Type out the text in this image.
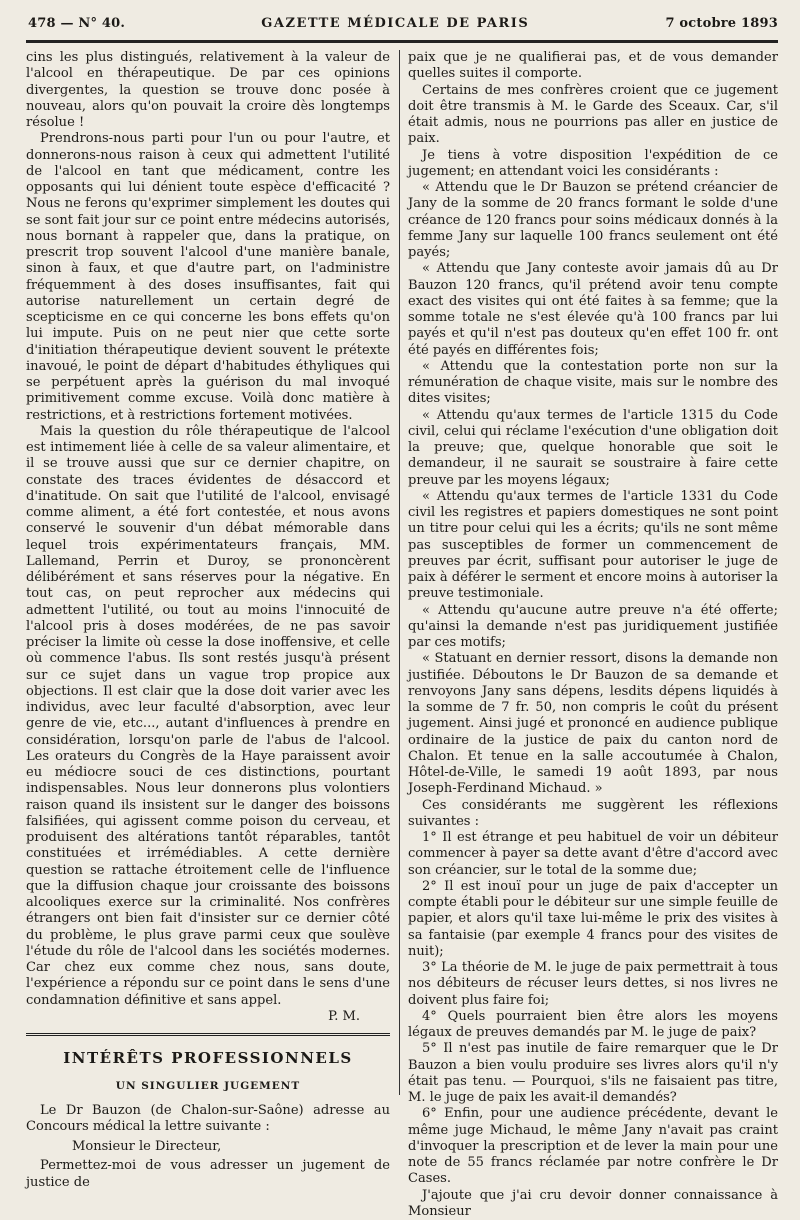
478 — N° 40.	GAZETTE MÉDICALE DE PARIS	7 octobre 1893

cins les plus distingués, relativement à la valeur de l'alcool en thérapeutique. De par ces opinions divergentes, la question se trouve donc posée à nouveau, alors qu'on pouvait la croire dès longtemps résolue !

Prendrons-nous parti pour l'un ou pour l'autre, et donnerons-nous raison à ceux qui admettent l'utilité de l'alcool en tant que médicament, contre les opposants qui lui dénient toute espèce d'efficacité ? Nous ne ferons qu'exprimer simplement les doutes qui se sont fait jour sur ce point entre médecins autorisés, nous bornant à rappeler que, dans la pratique, on prescrit trop souvent l'alcool d'une manière banale, sinon à faux, et que d'autre part, on l'administre fréquemment à des doses insuffisantes, fait qui autorise naturellement un certain degré de scepticisme en ce qui concerne les bons effets qu'on lui impute. Puis on ne peut nier que cette sorte d'initiation thérapeutique devient souvent le prétexte inavoué, le point de départ d'habitudes éthyliques qui se perpétuent après la guérison du mal invoqué primitivement comme excuse. Voilà donc matière à restrictions, et à restrictions fortement motivées.

Mais la question du rôle thérapeutique de l'alcool est intimement liée à celle de sa valeur alimentaire, et il se trouve aussi que sur ce dernier chapitre, on constate des traces évidentes de désaccord et d'inatitude. On sait que l'utilité de l'alcool, envisagé comme aliment, a été fort contestée, et nous avons conservé le souvenir d'un débat mémorable dans lequel trois expérimentateurs français, MM. Lallemand, Perrin et Duroy, se prononcèrent délibérément et sans réserves pour la négative. En tout cas, on peut reprocher aux médecins qui admettent l'utilité, ou tout au moins l'innocuité de l'alcool pris à doses modérées, de ne pas savoir préciser la limite où cesse la dose inoffensive, et celle où commence l'abus. Ils sont restés jusqu'à présent sur ce sujet dans un vague trop propice aux objections. Il est clair que la dose doit varier avec les individus, avec leur faculté d'absorption, avec leur genre de vie, etc..., autant d'influences à prendre en considération, lorsqu'on parle de l'abus de l'alcool. Les orateurs du Congrès de la Haye paraissent avoir eu médiocre souci de ces distinctions, pourtant indispensables. Nous leur donnerons plus volontiers raison quand ils insistent sur le danger des boissons falsifiées, qui agissent comme poison du cerveau, et produisent des altérations tantôt réparables, tantôt constituées et irrémédiables. A cette dernière question se rattache étroitement celle de l'influence que la diffusion chaque jour croissante des boissons alcooliques exerce sur la criminalité. Nos confrères étrangers ont bien fait d'insister sur ce dernier côté du problème, le plus grave parmi ceux que soulève l'étude du rôle de l'alcool dans les sociétés modernes. Car chez eux comme chez nous, sans doute, l'expérience a répondu sur ce point dans le sens d'une condamnation définitive et sans appel.

P. M.
INTÉRÊTS PROFESSIONNELS
UN SINGULIER JUGEMENT

Le Dr Bauzon (de Chalon-sur-Saône) adresse au Concours médical la lettre suivante :

Monsieur le Directeur,

Permettez-moi de vous adresser un jugement de justice de

paix que je ne qualifierai pas, et de vous demander quelles suites il comporte.

Certains de mes confrères croient que ce jugement doit être transmis à M. le Garde des Sceaux. Car, s'il était admis, nous ne pourrions pas aller en justice de paix.

Je tiens à votre disposition l'expédition de ce jugement; en attendant voici les considérants :

« Attendu que le Dr Bauzon se prétend créancier de Jany de la somme de 20 francs formant le solde d'une créance de 120 francs pour soins médicaux donnés à la femme Jany sur laquelle 100 francs seulement ont été payés;

« Attendu que Jany conteste avoir jamais dû au Dr Bauzon 120 francs, qu'il prétend avoir tenu compte exact des visites qui ont été faites à sa femme; que la somme totale ne s'est élevée qu'à 100 francs par lui payés et qu'il n'est pas douteux qu'en effet 100 fr. ont été payés en différentes fois;

« Attendu que la contestation porte non sur la rémunération de chaque visite, mais sur le nombre des dites visites;

« Attendu qu'aux termes de l'article 1315 du Code civil, celui qui réclame l'exécution d'une obligation doit la preuve; que, quelque honorable que soit le demandeur, il ne saurait se soustraire à faire cette preuve par les moyens légaux;

« Attendu qu'aux termes de l'article 1331 du Code civil les registres et papiers domestiques ne sont point un titre pour celui qui les a écrits; qu'ils ne sont même pas susceptibles de former un commencement de preuves par écrit, suffisant pour autoriser le juge de paix à déférer le serment et encore moins à autoriser la preuve testimoniale.

« Attendu qu'aucune autre preuve n'a été offerte; qu'ainsi la demande n'est pas juridiquement justifiée par ces motifs;

« Statuant en dernier ressort, disons la demande non justifiée. Déboutons le Dr Bauzon de sa demande et renvoyons Jany sans dépens, lesdits dépens liquidés à la somme de 7 fr. 50, non compris le coût du présent jugement. Ainsi jugé et prononcé en audience publique ordinaire de la justice de paix du canton nord de Chalon. Et tenue en la salle accoutumée à Chalon, Hôtel-de-Ville, le samedi 19 août 1893, par nous Joseph-Ferdinand Michaud. »

Ces considérants me suggèrent les réflexions suivantes :

1° Il est étrange et peu habituel de voir un débiteur commencer à payer sa dette avant d'être d'accord avec son créancier, sur le total de la somme due;

2° Il est inouï pour un juge de paix d'accepter un compte établi pour le débiteur sur une simple feuille de papier, et alors qu'il taxe lui-même le prix des visites à sa fantaisie (par exemple 4 francs pour des visites de nuit);

3° La théorie de M. le juge de paix permettrait à tous nos débiteurs de récuser leurs dettes, si nos livres ne doivent plus faire foi;

4° Quels pourraient bien être alors les moyens légaux de preuves demandés par M. le juge de paix?

5° Il n'est pas inutile de faire remarquer que le Dr Bauzon a bien voulu produire ses livres alors qu'il n'y était pas tenu. — Pourquoi, s'ils ne faisaient pas titre, M. le juge de paix les avait-il demandés?

6° Enfin, pour une audience précédente, devant le même juge Michaud, le même Jany n'avait pas craint d'invoquer la prescription et de lever la main pour une note de 55 francs réclamée par notre confrère le Dr Cases.

J'ajoute que j'ai cru devoir donner connaissance à Monsieur
